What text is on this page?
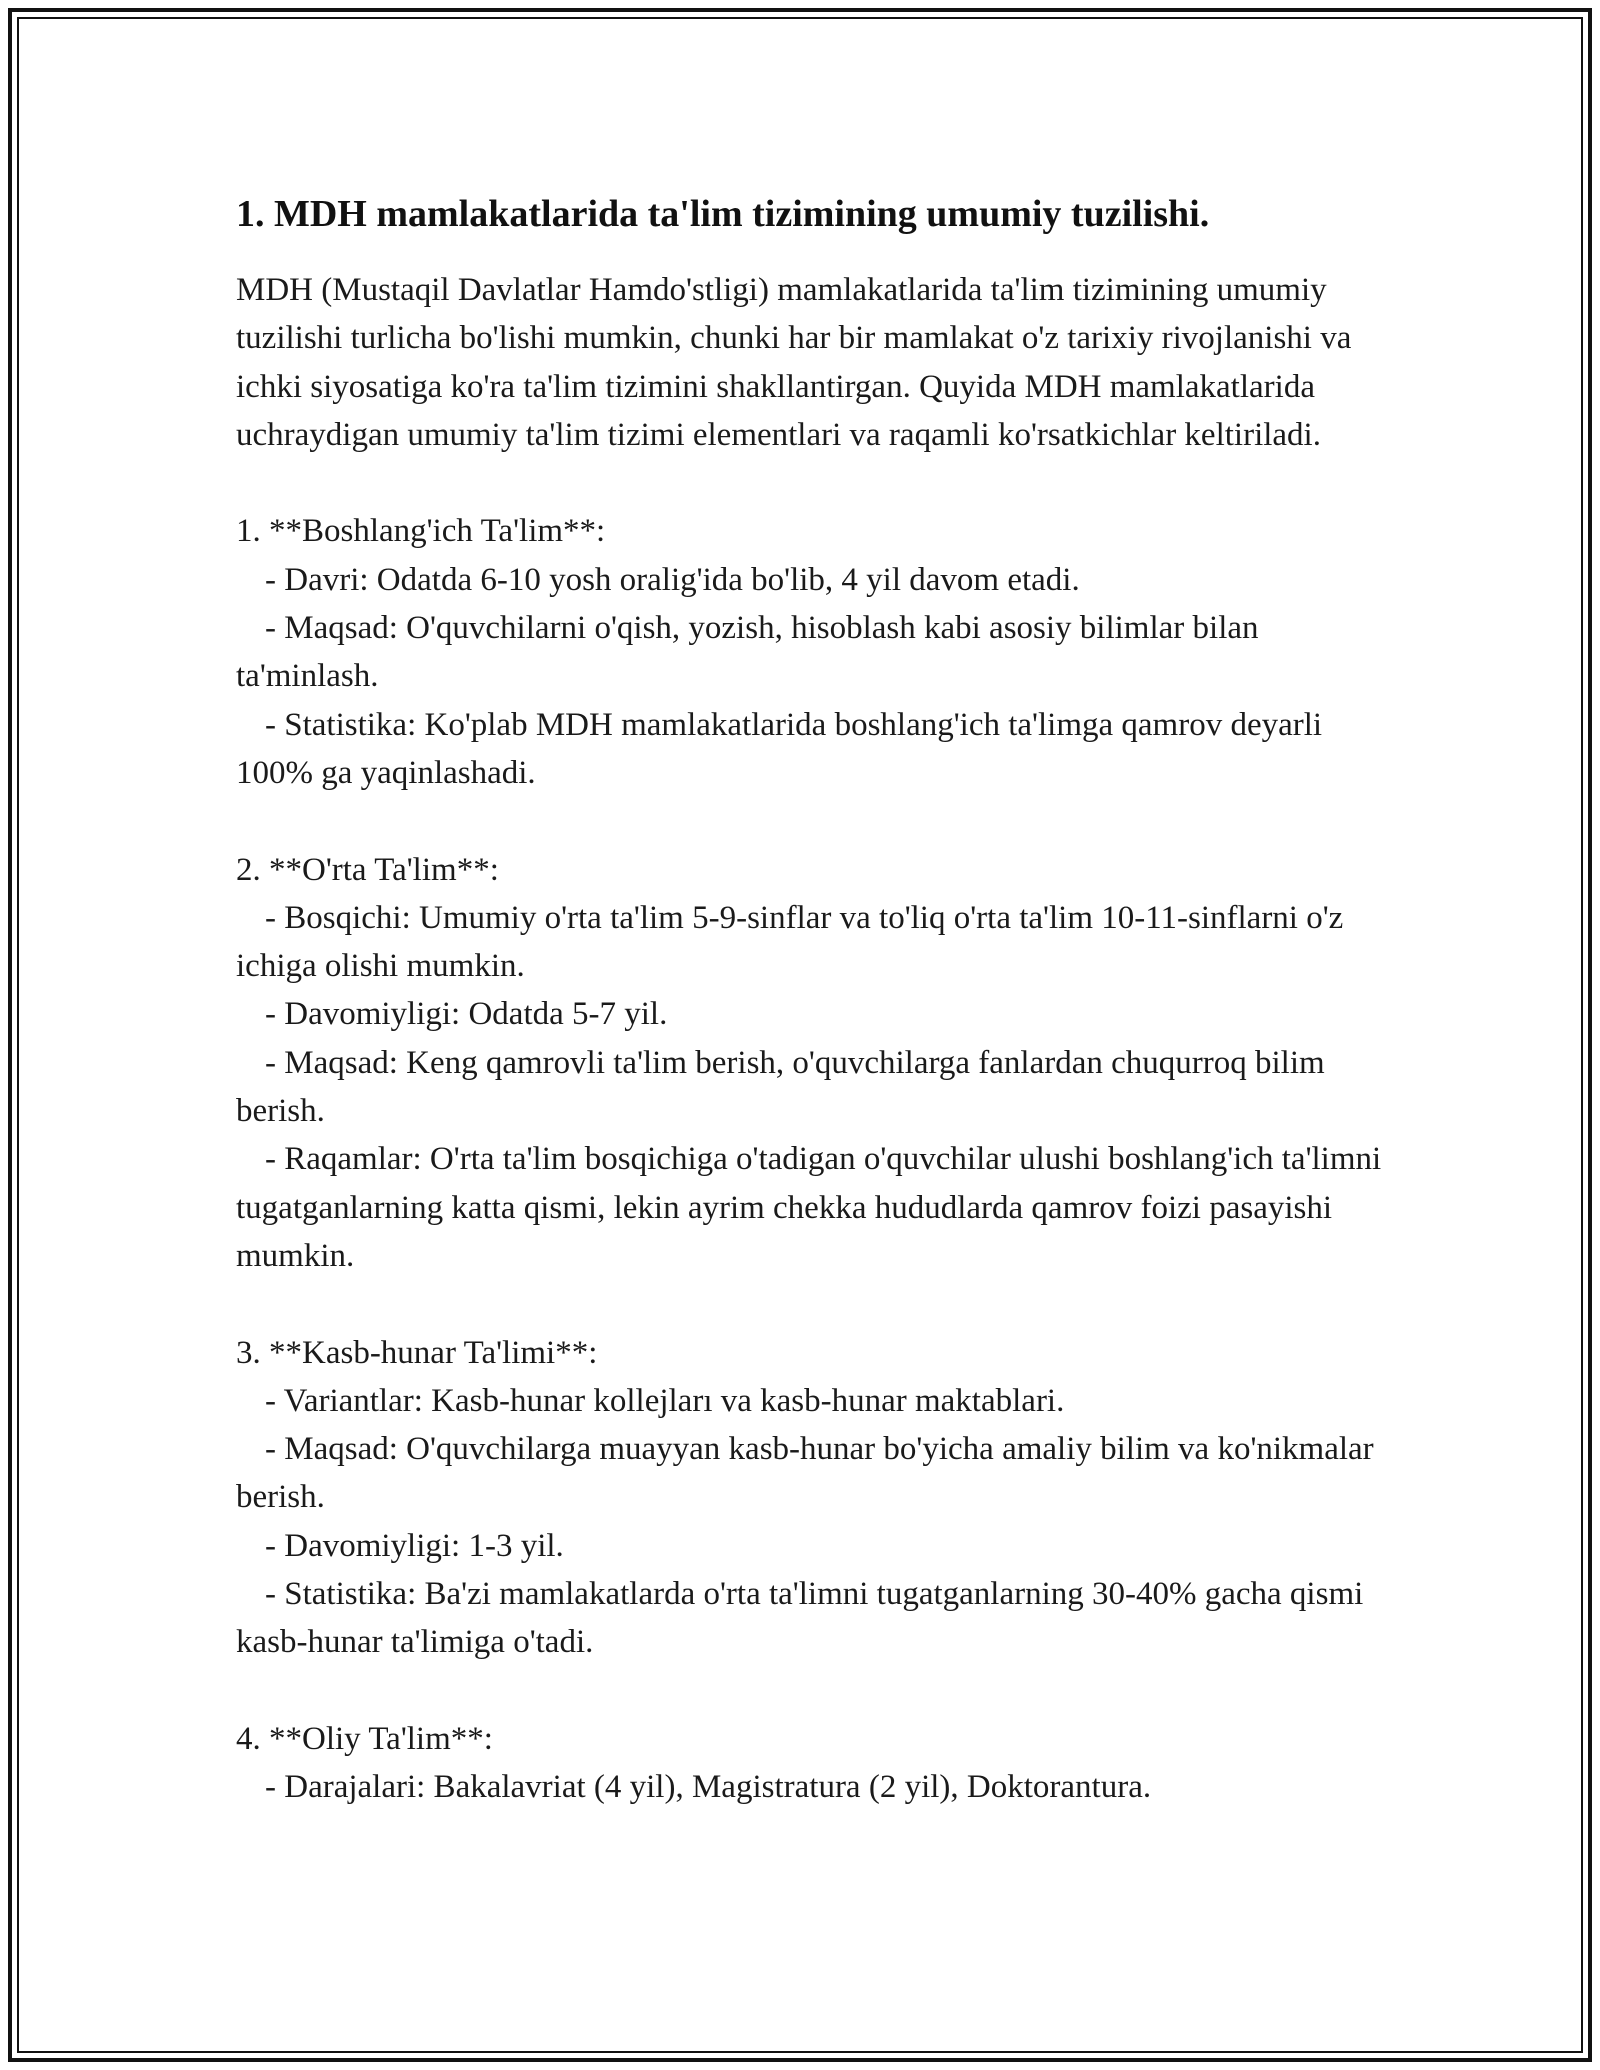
1. MDH mamlakatlarida ta'lim tizimining umumiy tuzilishi.

MDH (Mustaqil Davlatlar Hamdo'stligi) mamlakatlarida ta'lim tizimining umumiy tuzilishi turlicha bo'lishi mumkin, chunki har bir mamlakat o'z tarixiy rivojlanishi va ichki siyosatiga ko'ra ta'lim tizimini shakllantirgan. Quyida MDH mamlakatlarida uchraydigan umumiy ta'lim tizimi elementlari va raqamli ko'rsatkichlar keltiriladi.

1. **Boshlang'ich Ta'lim**:

- Davri: Odatda 6-10 yosh oralig'ida bo'lib, 4 yil davom etadi.

- Maqsad: O'quvchilarni o'qish, yozish, hisoblash kabi asosiy bilimlar bilan ta'minlash.

- Statistika: Ko'plab MDH mamlakatlarida boshlang'ich ta'limga qamrov deyarli 100% ga yaqinlashadi.

2. **O'rta Ta'lim**:

- Bosqichi: Umumiy o'rta ta'lim 5-9-sinflar va to'liq o'rta ta'lim 10-11-sinflarni o'z ichiga olishi mumkin.

- Davomiyligi: Odatda 5-7 yil.

- Maqsad: Keng qamrovli ta'lim berish, o'quvchilarga fanlardan chuqurroq bilim berish.

- Raqamlar: O'rta ta'lim bosqichiga o'tadigan o'quvchilar ulushi boshlang'ich ta'limni tugatganlarning katta qismi, lekin ayrim chekka hududlarda qamrov foizi pasayishi mumkin.

3. **Kasb-hunar Ta'limi**:

- Variantlar: Kasb-hunar kollejları va kasb-hunar maktablari.

- Maqsad: O'quvchilarga muayyan kasb-hunar bo'yicha amaliy bilim va ko'nikmalar berish.

- Davomiyligi: 1-3 yil.

- Statistika: Ba'zi mamlakatlarda o'rta ta'limni tugatganlarning 30-40% gacha qismi kasb-hunar ta'limiga o'tadi.

4. **Oliy Ta'lim**:

- Darajalari: Bakalavriat (4 yil), Magistratura (2 yil), Doktorantura.
